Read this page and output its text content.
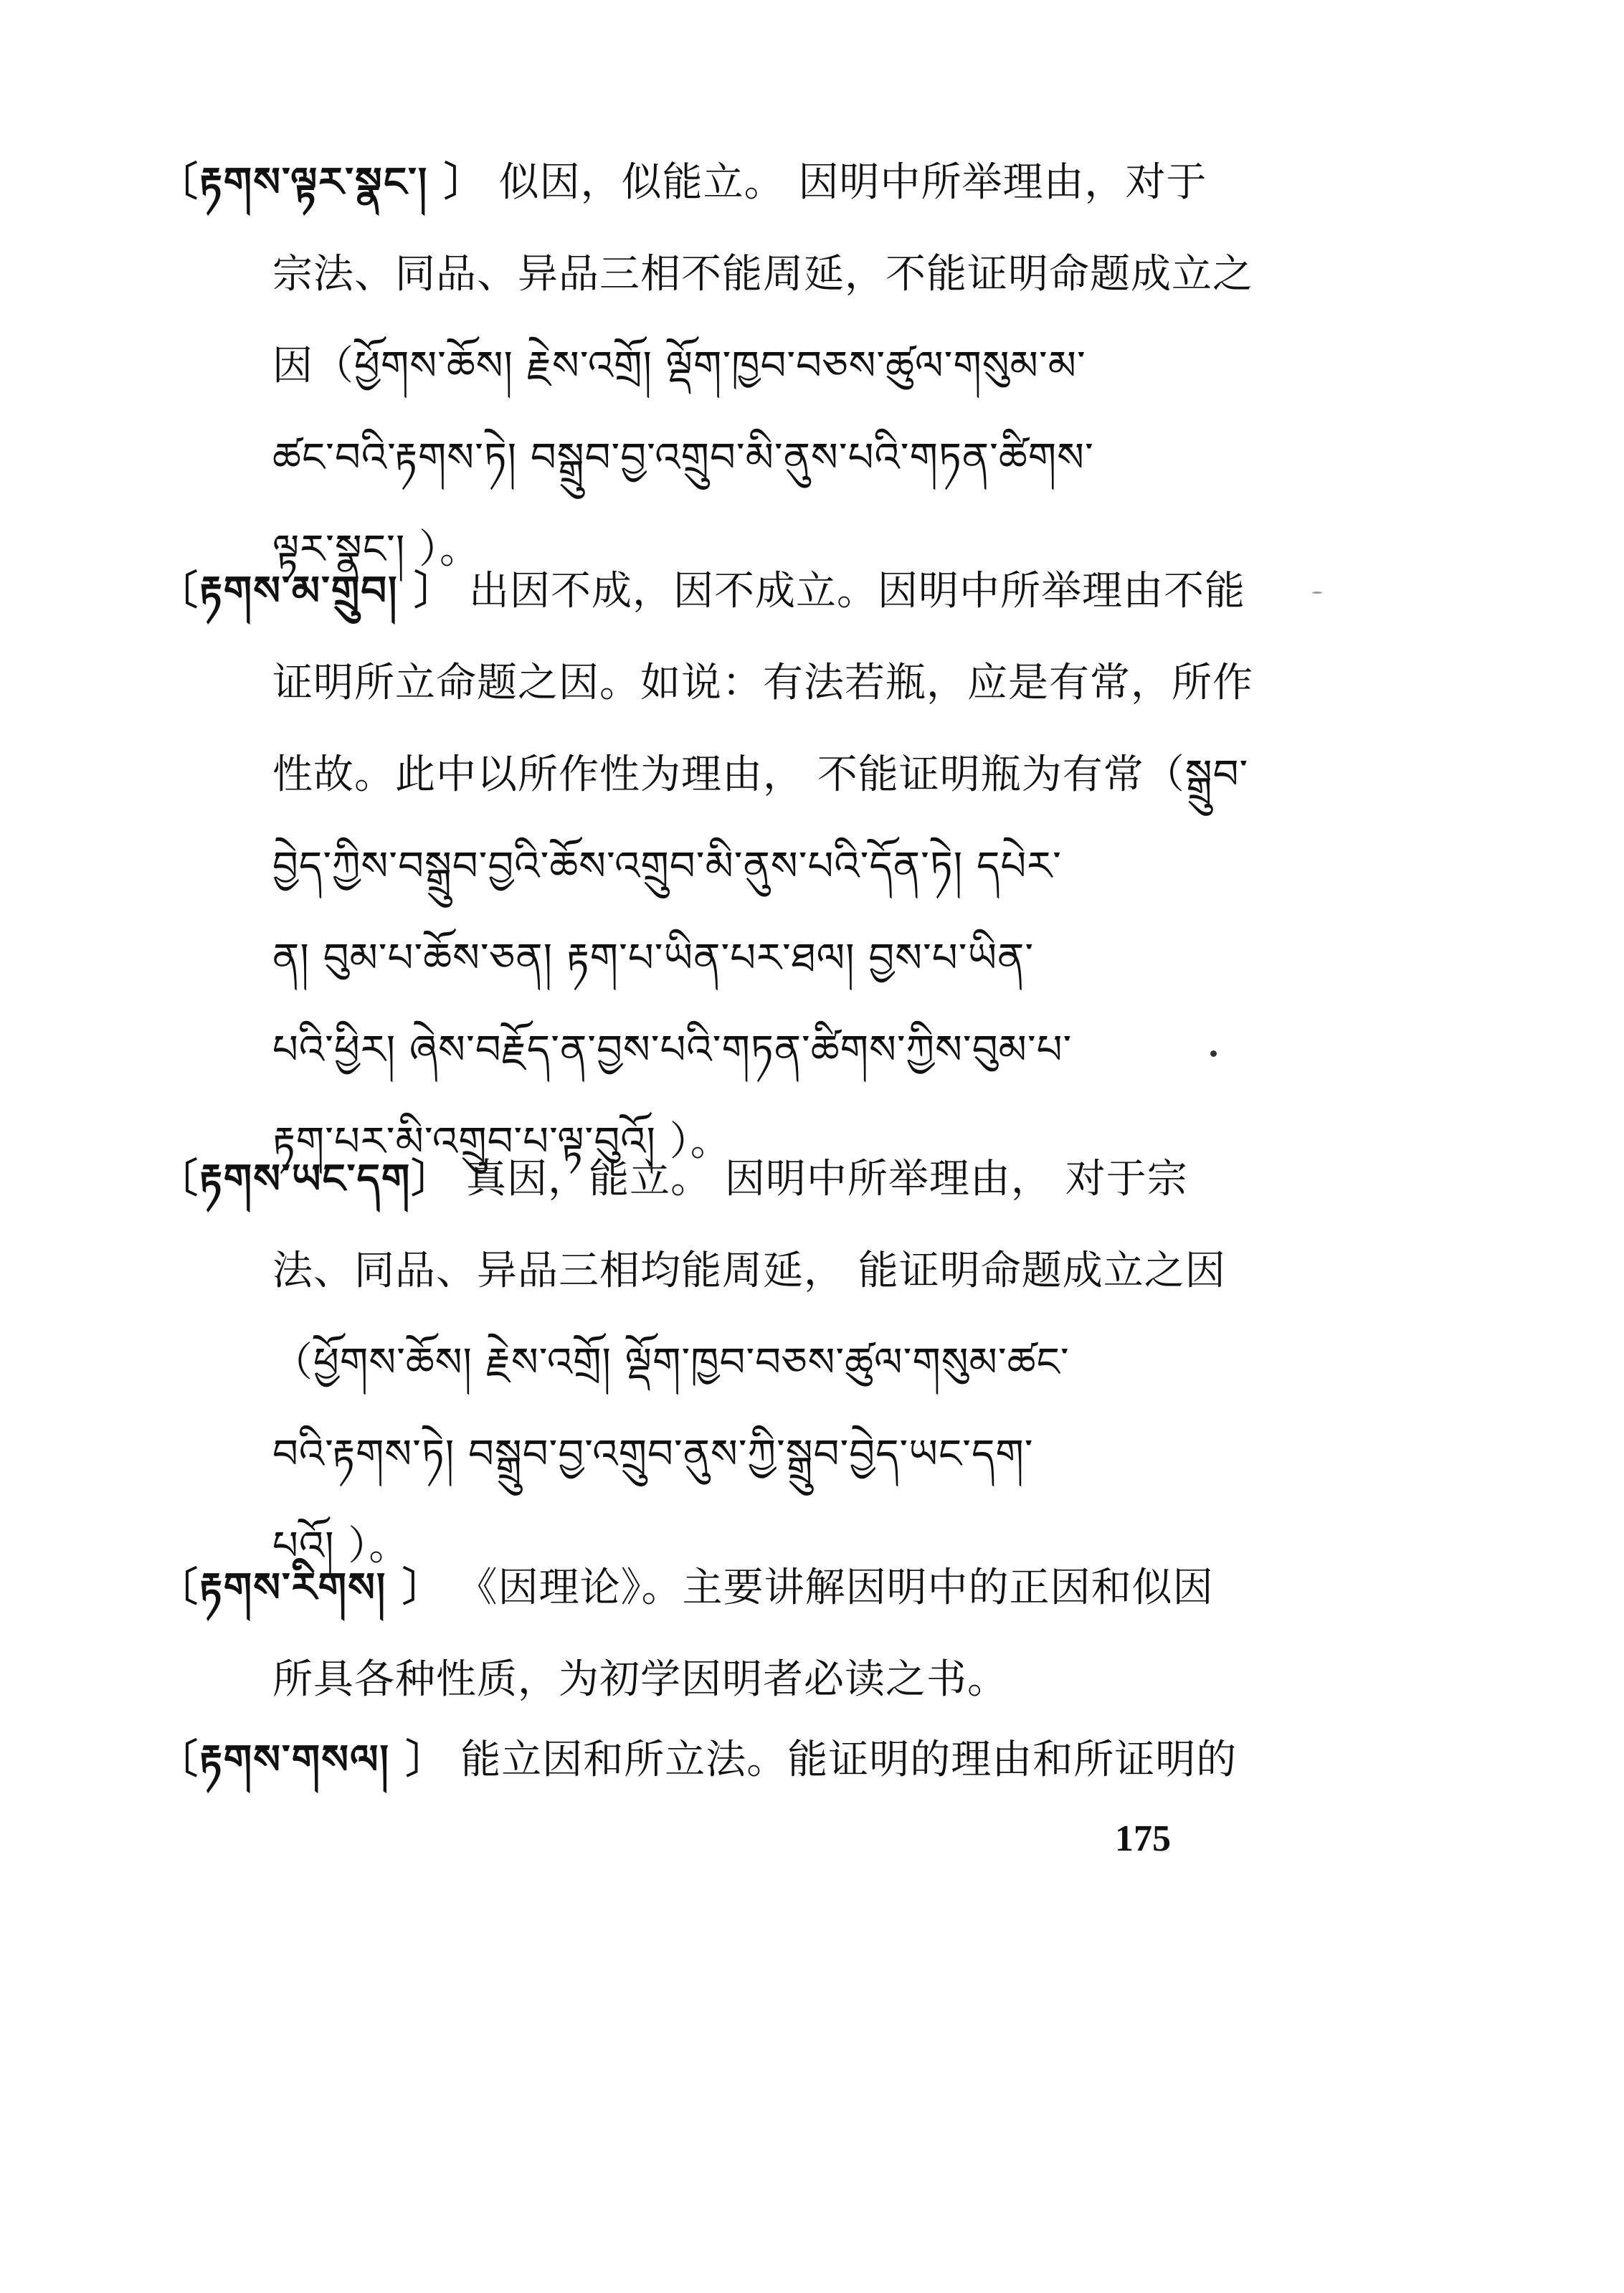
〔རྟགས་ལྟར་སྣང་། 〕 似因，似能立。 因明中所举理由，对于
宗法、同品、异品三相不能周延，不能证明命题成立之
因（ཕྱོགས་ཆོས། རྗེས་འགྲོ། ལྡོག་ཁྱབ་བཅས་ཚུལ་གསུམ་མ་
ཚང་བའི་རྟགས་ཏེ། བསྒྲུབ་བྱ་འགྲུབ་མི་ནུས་པའི་གཏན་ཚིགས་
ལྟར་སྣང་། ）。
〔རྟགས་མ་གྲུབ། 〕 出因不成，因不成立。因明中所举理由不能
证明所立命题之因。如说：有法若瓶，应是有常，所作
性故。此中以所作性为理由， 不能证明瓶为有常（སྒྲུབ་
བྱེད་ཀྱིས་བསྒྲུབ་བྱའི་ཆོས་འགྲུབ་མི་ནུས་པའི་དོན་ཏེ། དཔེར་
ན། བུམ་པ་ཆོས་ཅན། རྟག་པ་ཡིན་པར་ཐལ། བྱས་པ་ཡིན་
པའི་ཕྱིར། ཞེས་བརྗོད་ན་བྱས་པའི་གཏན་ཚིགས་ཀྱིས་བུམ་པ་
རྟག་པར་མི་འགྲུབ་པ་ལྟ་བུའོ། ）。
〔རྟགས་ཡང་དག〕 真因，能立。 因明中所举理由， 对于宗
法、同品、异品三相均能周延， 能证明命题成立之因
（ཕྱོགས་ཆོས། རྗེས་འགྲོ། ལྡོག་ཁྱབ་བཅས་ཚུལ་གསུམ་ཚང་
བའི་རྟགས་ཏེ། བསྒྲུབ་བྱ་འགྲུབ་ནུས་ཀྱི་སྒྲུབ་བྱེད་ཡང་དག་
པའོ། ）。
〔རྟགས་རིགས། 〕 《因理论》。主要讲解因明中的正因和似因
所具各种性质，为初学因明者必读之书。
〔རྟགས་གསལ། 〕 能立因和所立法。能证明的理由和所证明的
175
